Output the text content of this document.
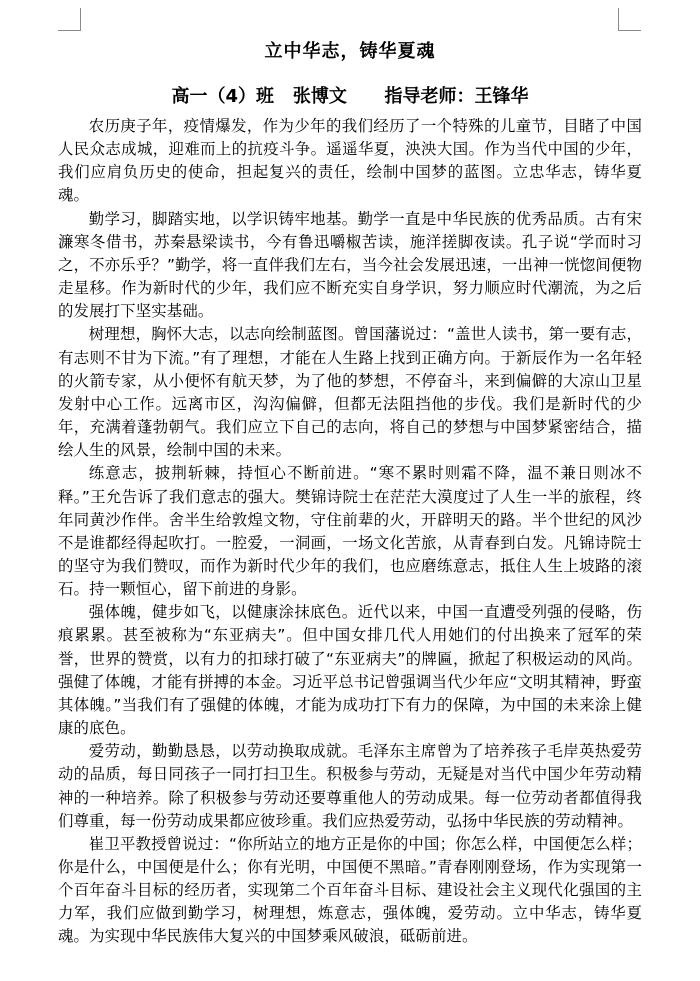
立中华志，铸华夏魂
高一（4）班 张博文 指导老师：王锋华

农历庚子年，疫情爆发，作为少年的我们经历了一个特殊的儿童节，目睹了中国人民众志成城，迎难而上的抗疫斗争。遥遥华夏，泱泱大国。作为当代中国的少年，我们应肩负历史的使命，担起复兴的责任，绘制中国梦的蓝图。立忠华志，铸华夏魂。

勤学习，脚踏实地，以学识铸牢地基。勤学一直是中华民族的优秀品质。古有宋濂寒冬借书，苏秦悬梁读书，今有鲁迅嚼椒苦读，施洋搓脚夜读。孔子说“学而时习之，不亦乐乎？”勤学，将一直伴我们左右，当今社会发展迅速，一出神一恍惚间便物走星移。作为新时代的少年，我们应不断充实自身学识，努力顺应时代潮流，为之后的发展打下坚实基础。

树理想，胸怀大志，以志向绘制蓝图。曾国藩说过：“盖世人读书，第一要有志，有志则不甘为下流。”有了理想，才能在人生路上找到正确方向。于新辰作为一名年轻的火箭专家，从小便怀有航天梦，为了他的梦想，不停奋斗，来到偏僻的大凉山卫星发射中心工作。远离市区，沟沟偏僻，但都无法阻挡他的步伐。我们是新时代的少年，充满着蓬勃朝气。我们应立下自己的志向，将自己的梦想与中国梦紧密结合，描绘人生的风景，绘制中国的未来。

练意志，披荆斩棘，持恒心不断前进。“寒不累时则霜不降，温不兼日则冰不释。”王允告诉了我们意志的强大。樊锦诗院士在茫茫大漠度过了人生一半的旅程，终年同黄沙作伴。舍半生给敦煌文物，守住前辈的火，开辟明天的路。半个世纪的风沙不是谁都经得起吹打。一腔爱，一洞画，一场文化苦旅，从青春到白发。凡锦诗院士的坚守为我们赞叹，而作为新时代少年的我们，也应磨练意志，抵住人生上坡路的滚石。持一颗恒心，留下前进的身影。

强体魄，健步如飞，以健康涂抹底色。近代以来，中国一直遭受列强的侵略，伤痕累累。甚至被称为“东亚病夫”。但中国女排几代人用她们的付出换来了冠军的荣誉，世界的赞赏，以有力的扣球打破了“东亚病夫”的牌匾，掀起了积极运动的风尚。强健了体魄，才能有拼搏的本金。习近平总书记曾强调当代少年应“文明其精神，野蛮其体魄。”当我们有了强健的体魄，才能为成功打下有力的保障，为中国的未来涂上健康的底色。

爱劳动，勤勤恳恳，以劳动换取成就。毛泽东主席曾为了培养孩子毛岸英热爱劳动的品质，每日同孩子一同打扫卫生。积极参与劳动，无疑是对当代中国少年劳动精神的一种培养。除了积极参与劳动还要尊重他人的劳动成果。每一位劳动者都值得我们尊重，每一份劳动成果都应彼珍重。我们应热爱劳动，弘扬中华民族的劳动精神。

崔卫平教授曾说过：“你所站立的地方正是你的中国；你怎么样，中国便怎么样；你是什么，中国便是什么；你有光明，中国便不黑暗。”青春刚刚登场，作为实现第一个百年奋斗目标的经历者，实现第二个百年奋斗目标、建设社会主义现代化强国的主力军，我们应做到勤学习，树理想，炼意志，强体魄，爱劳动。立中华志，铸华夏魂。为实现中华民族伟大复兴的中国梦乘风破浪，砥砺前进。
